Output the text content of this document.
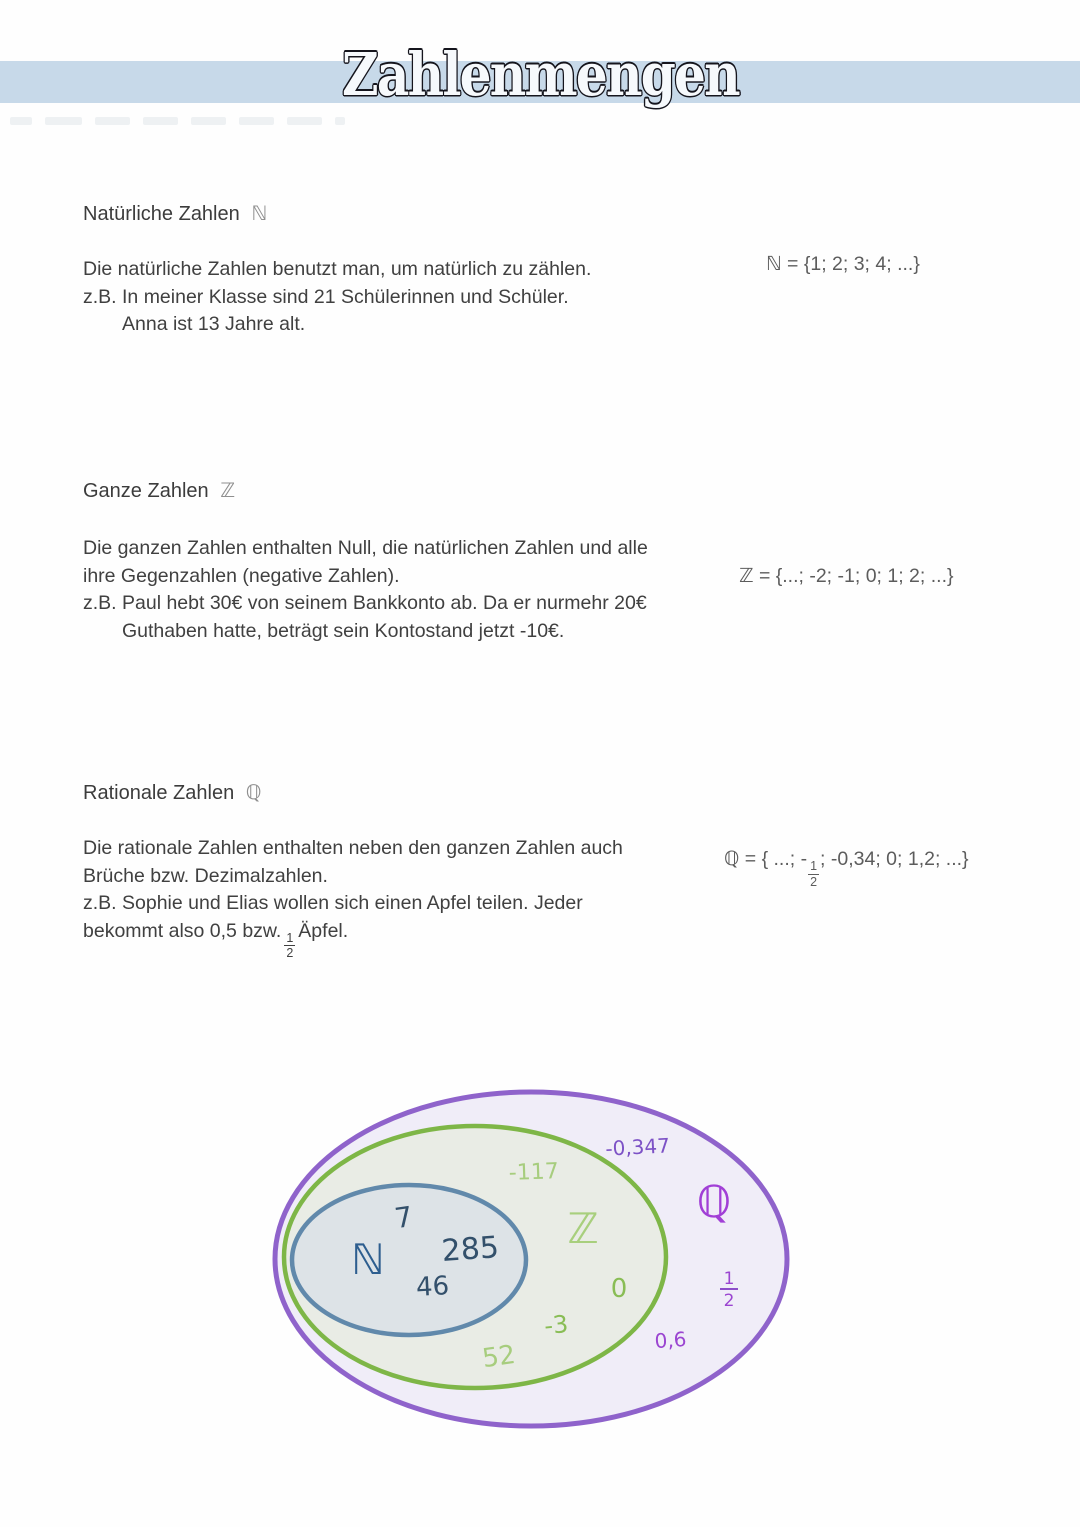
Zahlenmengen
Natürliche Zahlen ℕ
Die natürliche Zahlen benutzt man, um natürlich zu zählen.
z.B. In meiner Klasse sind 21 Schülerinnen und Schüler.
Anna ist 13 Jahre alt.
ℕ = {1; 2; 3; 4; ...}
Ganze Zahlen ℤ
Die ganzen Zahlen enthalten Null, die natürlichen Zahlen und alle
ihre Gegenzahlen (negative Zahlen).
z.B. Paul hebt 30€ von seinem Bankkonto ab. Da er nurmehr 20€
Guthaben hatte, beträgt sein Kontostand jetzt -10€.
ℤ = {...; -2; -1; 0; 1; 2; ...}
Rationale Zahlen ℚ
Die rationale Zahlen enthalten neben den ganzen Zahlen auch
Brüche bzw. Dezimalzahlen.
z.B. Sophie und Elias wollen sich einen Apfel teilen. Jeder
bekommt also 0,5 bzw.
$\frac{1}{2}$
Äpfel.
ℚ = { ...; -
$\frac{1}{2}$
; -0,34; 0; 1,2; ...}
ℕ
7
285
46
ℤ
-117
0
-3
52
ℚ
-0,347
0,6
1
2
